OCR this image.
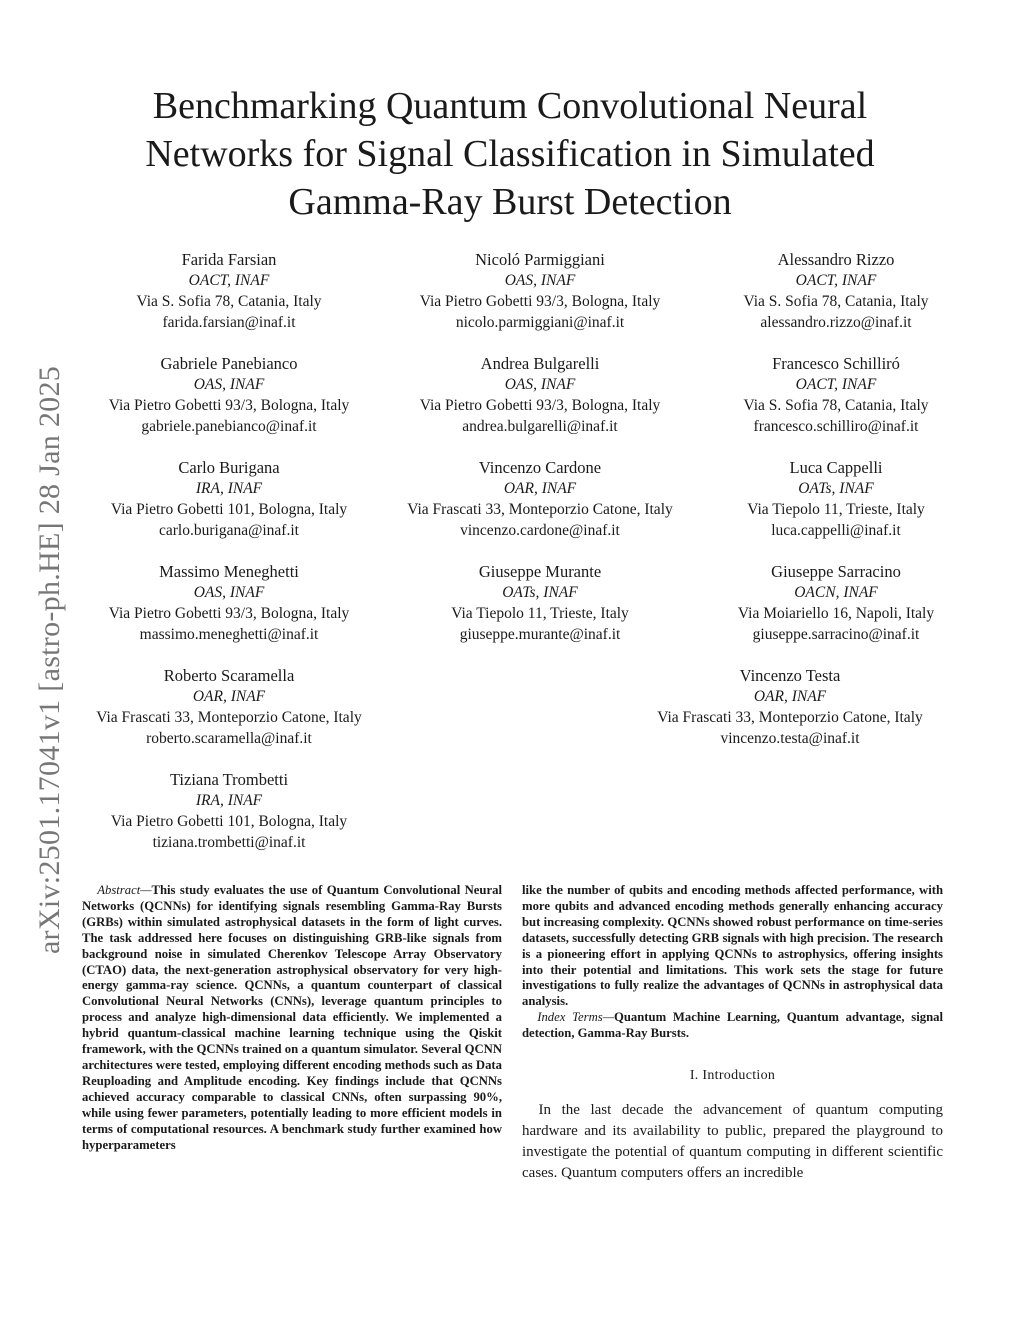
arXiv:2501.17041v1 [astro-ph.HE] 28 Jan 2025
Benchmarking Quantum Convolutional Neural Networks for Signal Classification in Simulated Gamma-Ray Burst Detection
Farida Farsian
OACT, INAF
Via S. Sofia 78, Catania, Italy
farida.farsian@inaf.it
Nicoló Parmiggiani
OAS, INAF
Via Pietro Gobetti 93/3, Bologna, Italy
nicolo.parmiggiani@inaf.it
Alessandro Rizzo
OACT, INAF
Via S. Sofia 78, Catania, Italy
alessandro.rizzo@inaf.it
Gabriele Panebianco
OAS, INAF
Via Pietro Gobetti 93/3, Bologna, Italy
gabriele.panebianco@inaf.it
Andrea Bulgarelli
OAS, INAF
Via Pietro Gobetti 93/3, Bologna, Italy
andrea.bulgarelli@inaf.it
Francesco Schilliró
OACT, INAF
Via S. Sofia 78, Catania, Italy
francesco.schilliro@inaf.it
Carlo Burigana
IRA, INAF
Via Pietro Gobetti 101, Bologna, Italy
carlo.burigana@inaf.it
Vincenzo Cardone
OAR, INAF
Via Frascati 33, Monteporzio Catone, Italy
vincenzo.cardone@inaf.it
Luca Cappelli
OATs, INAF
Via Tiepolo 11, Trieste, Italy
luca.cappelli@inaf.it
Massimo Meneghetti
OAS, INAF
Via Pietro Gobetti 93/3, Bologna, Italy
massimo.meneghetti@inaf.it
Giuseppe Murante
OATs, INAF
Via Tiepolo 11, Trieste, Italy
giuseppe.murante@inaf.it
Giuseppe Sarracino
OACN, INAF
Via Moiariello 16, Napoli, Italy
giuseppe.sarracino@inaf.it
Roberto Scaramella
OAR, INAF
Via Frascati 33, Monteporzio Catone, Italy
roberto.scaramella@inaf.it
Vincenzo Testa
OAR, INAF
Via Frascati 33, Monteporzio Catone, Italy
vincenzo.testa@inaf.it
Tiziana Trombetti
IRA, INAF
Via Pietro Gobetti 101, Bologna, Italy
tiziana.trombetti@inaf.it

Abstract—This study evaluates the use of Quantum Convolutional Neural Networks (QCNNs) for identifying signals resembling Gamma-Ray Bursts (GRBs) within simulated astrophysical datasets in the form of light curves. The task addressed here focuses on distinguishing GRB-like signals from background noise in simulated Cherenkov Telescope Array Observatory (CTAO) data, the next-generation astrophysical observatory for very high-energy gamma-ray science. QCNNs, a quantum counterpart of classical Convolutional Neural Networks (CNNs), leverage quantum principles to process and analyze high-dimensional data efficiently. We implemented a hybrid quantum-classical machine learning technique using the Qiskit framework, with the QCNNs trained on a quantum simulator. Several QCNN architectures were tested, employing different encoding methods such as Data Reuploading and Amplitude encoding. Key findings include that QCNNs achieved accuracy comparable to classical CNNs, often surpassing 90%, while using fewer parameters, potentially leading to more efficient models in terms of computational resources. A benchmark study further examined how hyperparameters

like the number of qubits and encoding methods affected performance, with more qubits and advanced encoding methods generally enhancing accuracy but increasing complexity. QCNNs showed robust performance on time-series datasets, successfully detecting GRB signals with high precision. The research is a pioneering effort in applying QCNNs to astrophysics, offering insights into their potential and limitations. This work sets the stage for future investigations to fully realize the advantages of QCNNs in astrophysical data analysis.

Index Terms—Quantum Machine Learning, Quantum advantage, signal detection, Gamma-Ray Bursts.

I. Introduction

In the last decade the advancement of quantum computing hardware and its availability to public, prepared the playground to investigate the potential of quantum computing in different scientific cases. Quantum computers offers an incredible
